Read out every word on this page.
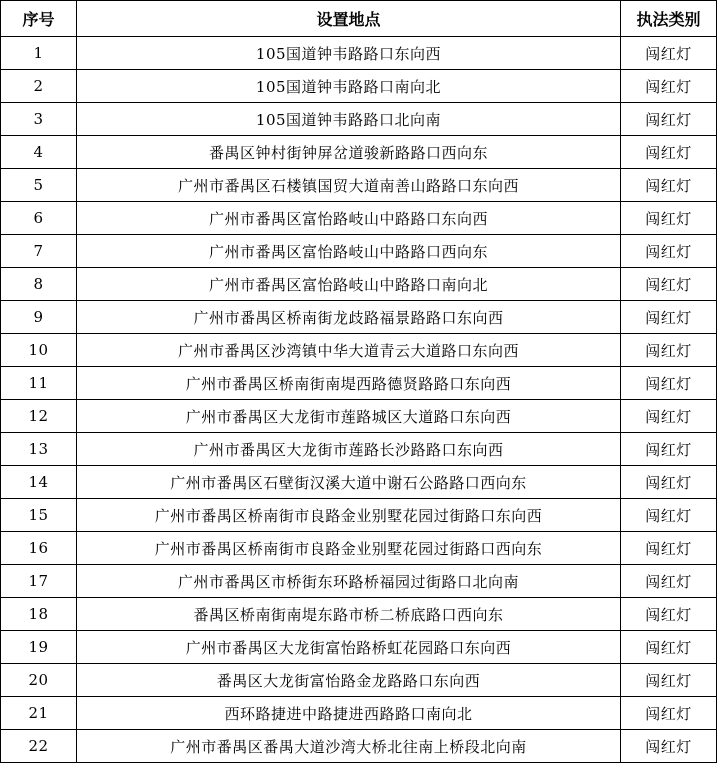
序号	设置地点	执法类别
1	105国道钟韦路路口东向西	闯红灯
2	105国道钟韦路路口南向北	闯红灯
3	105国道钟韦路路口北向南	闯红灯
4	番禺区钟村街钟屏岔道骏新路路口西向东	闯红灯
5	广州市番禺区石楼镇国贸大道南善山路路口东向西	闯红灯
6	广州市番禺区富怡路岐山中路路口东向西	闯红灯
7	广州市番禺区富怡路岐山中路路口西向东	闯红灯
8	广州市番禺区富怡路岐山中路路口南向北	闯红灯
9	广州市番禺区桥南街龙歧路福景路路口东向西	闯红灯
10	广州市番禺区沙湾镇中华大道青云大道路口东向西	闯红灯
11	广州市番禺区桥南街南堤西路德贤路路口东向西	闯红灯
12	广州市番禺区大龙街市莲路城区大道路口东向西	闯红灯
13	广州市番禺区大龙街市莲路长沙路路口东向西	闯红灯
14	广州市番禺区石壁街汉溪大道中谢石公路路口西向东	闯红灯
15	广州市番禺区桥南街市良路金业别墅花园过街路口东向西	闯红灯
16	广州市番禺区桥南街市良路金业别墅花园过街路口西向东	闯红灯
17	广州市番禺区市桥街东环路桥福园过街路口北向南	闯红灯
18	番禺区桥南街南堤东路市桥二桥底路口西向东	闯红灯
19	广州市番禺区大龙街富怡路桥虹花园路口东向西	闯红灯
20	番禺区大龙街富怡路金龙路路口东向西	闯红灯
21	西环路捷进中路捷进西路路口南向北	闯红灯
22	广州市番禺区番禺大道沙湾大桥北往南上桥段北向南	闯红灯
